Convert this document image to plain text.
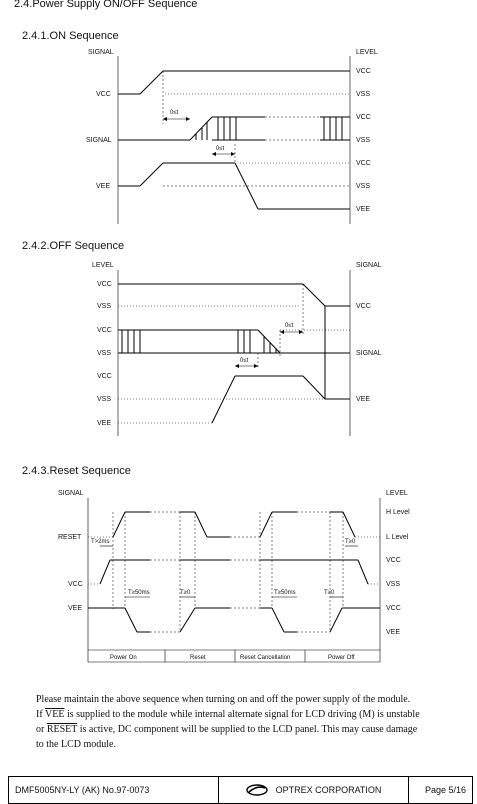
2.4.Power Supply ON/OFF Sequence
2.4.1.ON Sequence
SIGNAL	LEVEL
0≤t
0≤t
VCC
SIGNAL
VEE
VCC
VSS
VCC
VSS
VCC
VSS
VEE
2.4.2.OFF Sequence
LEVEL	SIGNAL
0≤t
0≤t
VCC
VSS
VCC
VSS
VCC
VSS
VEE
VCC
SIGNAL
VEE
2.4.3.Reset Sequence
SIGNAL	LEVEL
T>2ms	T≥0
T≥50ms	T≥0	T≥50ms	T≥0
RESET
VCC
VEE
H Level
L Level
VCC
VSS
VCC
VEE
Power On	Reset	Reset Cancellation	Power Off
Please maintain the above sequence when turning on and off the power supply of the module.
If $\overline{VEE}$ is supplied to the module while internal alternate signal for LCD driving (M) is unstable
or RESET is active, DC component will be supplied to the LCD panel. This may cause damage
to the LCD module.
DMF5005NY-LY (AK) No.97-0073	OPTREX CORPORATION	Page 5/16
